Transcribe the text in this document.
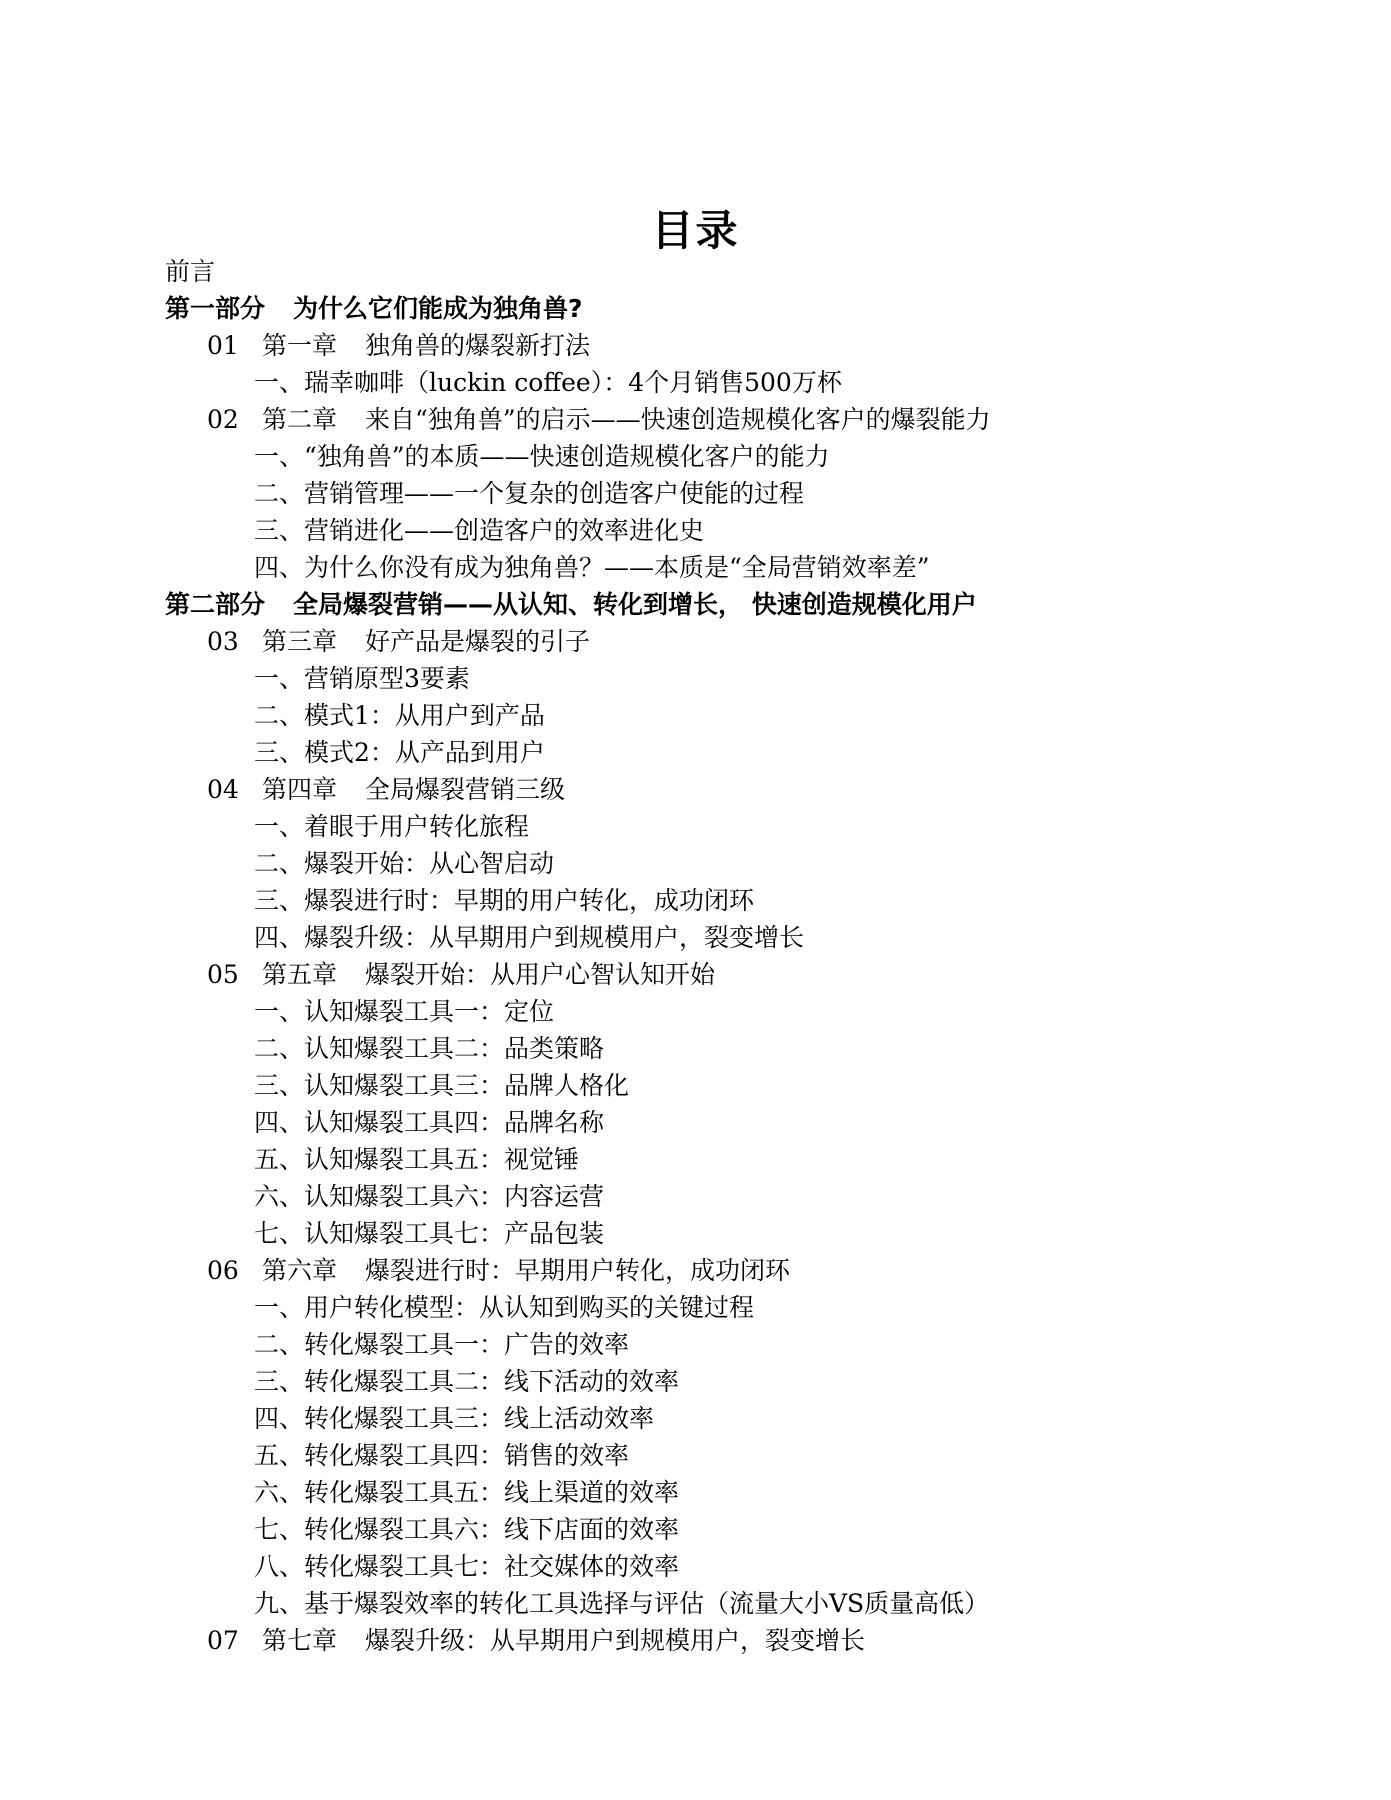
目录
前言
第一部分 为什么它们能成为独角兽?
01 第一章 独角兽的爆裂新打法
一、瑞幸咖啡（luckin coffee）：4个月销售500万杯
02 第二章 来自“独角兽”的启示——快速创造规模化客户的爆裂能力
一、“独角兽”的本质——快速创造规模化客户的能力
二、营销管理——一个复杂的创造客户使能的过程
三、营销进化——创造客户的效率进化史
四、为什么你没有成为独角兽？——本质是“全局营销效率差”
第二部分 全局爆裂营销——从认知、转化到增长， 快速创造规模化用户
03 第三章 好产品是爆裂的引子
一、营销原型3要素
二、模式1：从用户到产品
三、模式2：从产品到用户
04 第四章 全局爆裂营销三级
一、着眼于用户转化旅程
二、爆裂开始：从心智启动
三、爆裂进行时：早期的用户转化，成功闭环
四、爆裂升级：从早期用户到规模用户，裂变增长
05 第五章 爆裂开始：从用户心智认知开始
一、认知爆裂工具一：定位
二、认知爆裂工具二：品类策略
三、认知爆裂工具三：品牌人格化
四、认知爆裂工具四：品牌名称
五、认知爆裂工具五：视觉锤
六、认知爆裂工具六：内容运营
七、认知爆裂工具七：产品包装
06 第六章 爆裂进行时：早期用户转化，成功闭环
一、用户转化模型：从认知到购买的关键过程
二、转化爆裂工具一：广告的效率
三、转化爆裂工具二：线下活动的效率
四、转化爆裂工具三：线上活动效率
五、转化爆裂工具四：销售的效率
六、转化爆裂工具五：线上渠道的效率
七、转化爆裂工具六：线下店面的效率
八、转化爆裂工具七：社交媒体的效率
九、基于爆裂效率的转化工具选择与评估（流量大小VS质量高低）
07 第七章 爆裂升级：从早期用户到规模用户，裂变增长
